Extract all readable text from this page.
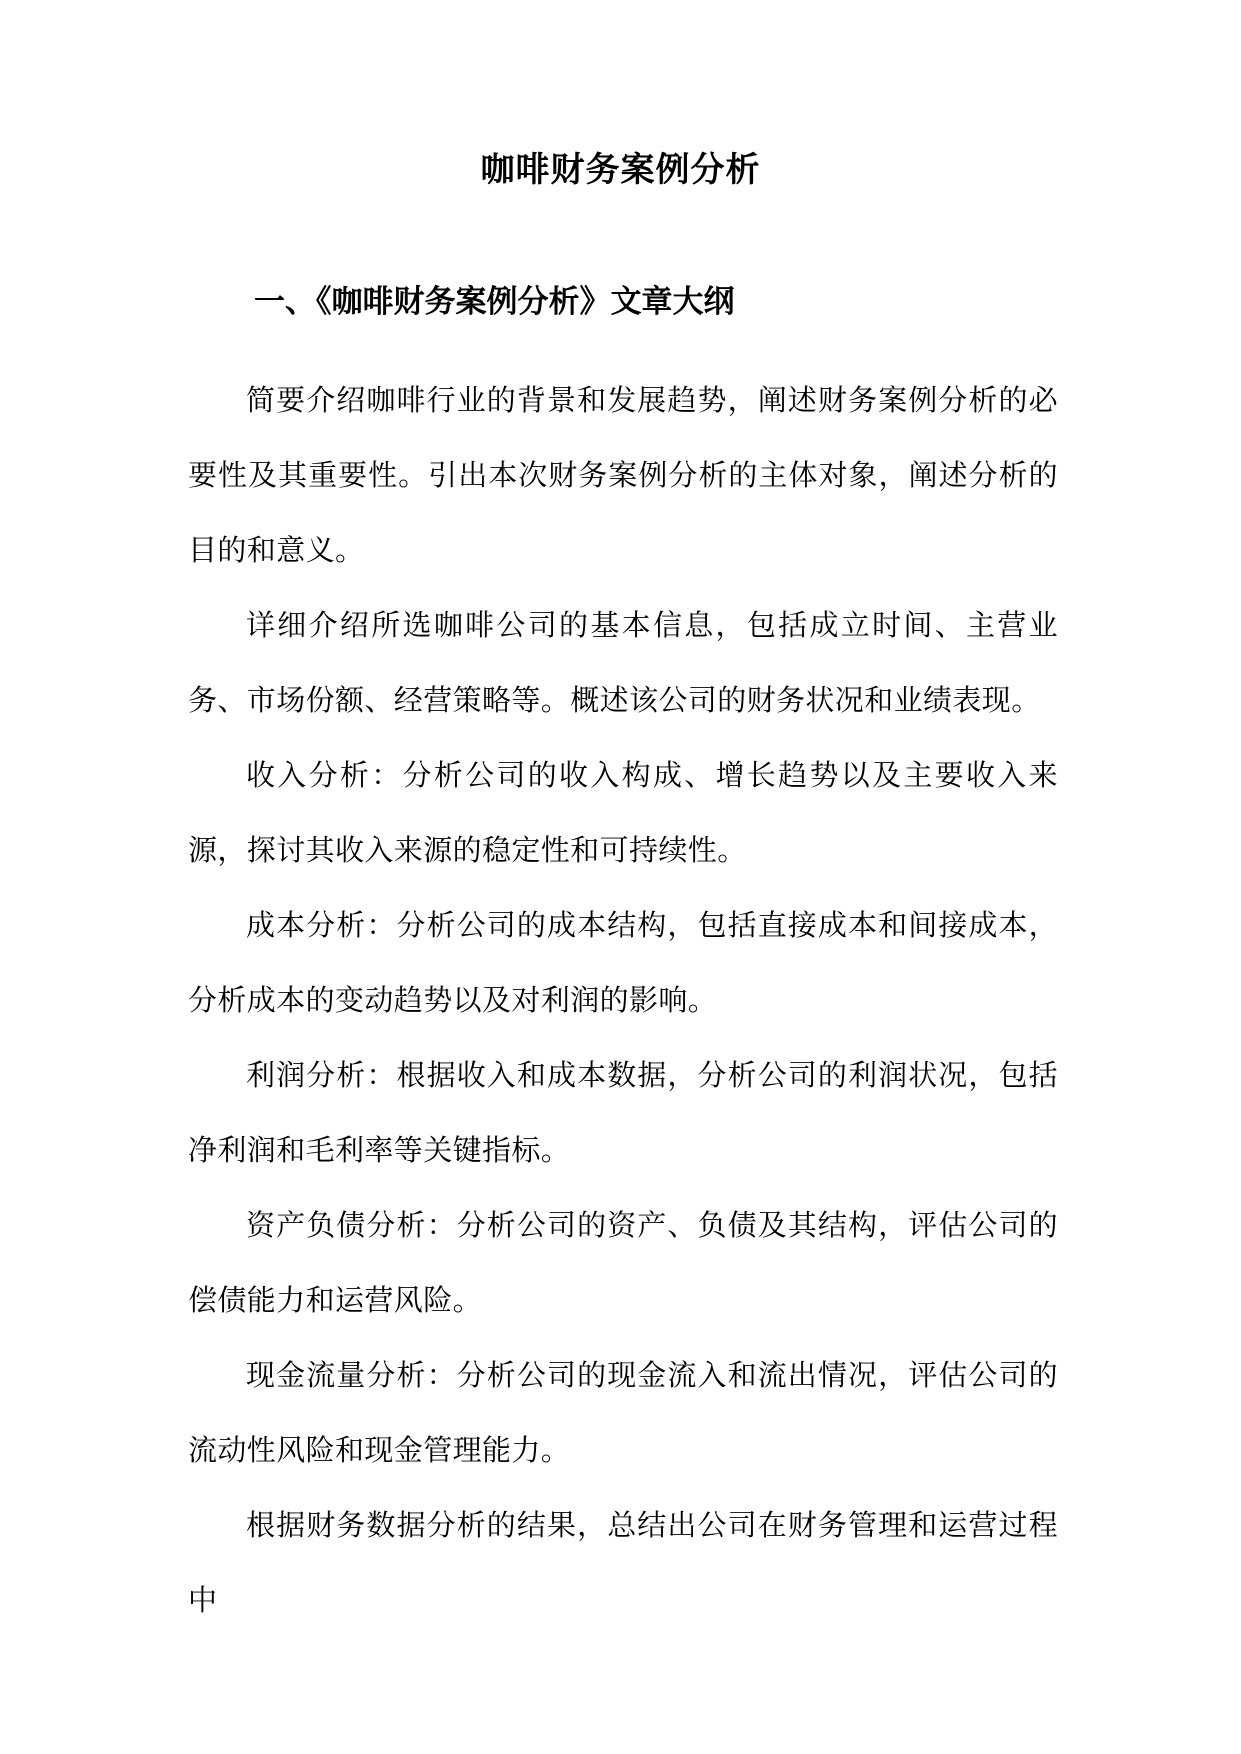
咖啡财务案例分析
一、《咖啡财务案例分析》文章大纲

简要介绍咖啡行业的背景和发展趋势，阐述财务案例分析的必要性及其重要性。引出本次财务案例分析的主体对象，阐述分析的目的和意义。

详细介绍所选咖啡公司的基本信息，包括成立时间、主营业务、市场份额、经营策略等。概述该公司的财务状况和业绩表现。

收入分析：分析公司的收入构成、增长趋势以及主要收入来源，探讨其收入来源的稳定性和可持续性。

成本分析：分析公司的成本结构，包括直接成本和间接成本，分析成本的变动趋势以及对利润的影响。

利润分析：根据收入和成本数据，分析公司的利润状况，包括净利润和毛利率等关键指标。

资产负债分析：分析公司的资产、负债及其结构，评估公司的偿债能力和运营风险。

现金流量分析：分析公司的现金流入和流出情况，评估公司的流动性风险和现金管理能力。

根据财务数据分析的结果，总结出公司在财务管理和运营过程中
